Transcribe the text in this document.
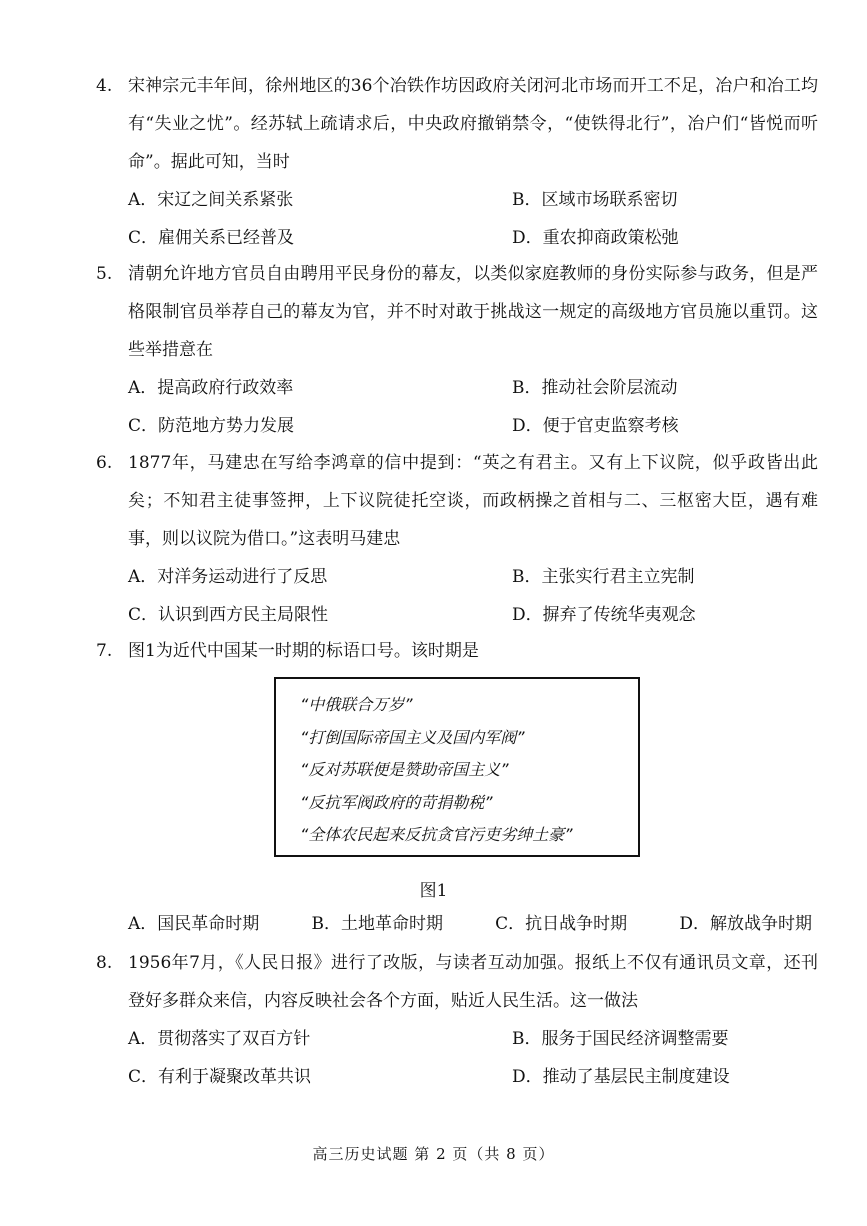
4. 宋神宗元丰年间，徐州地区的36个冶铁作坊因政府关闭河北市场而开工不足，冶户和冶工均有“失业之忧”。经苏轼上疏请求后，中央政府撤销禁令，“使铁得北行”，冶户们“皆悦而听命”。据此可知，当时
A．宋辽之间关系紧张	B．区域市场联系密切
C．雇佣关系已经普及	D．重农抑商政策松弛
5. 清朝允许地方官员自由聘用平民身份的幕友，以类似家庭教师的身份实际参与政务，但是严格限制官员举荐自己的幕友为官，并不时对敢于挑战这一规定的高级地方官员施以重罚。这些举措意在
A．提高政府行政效率	B．推动社会阶层流动
C．防范地方势力发展	D．便于官吏监察考核
6. 1877年，马建忠在写给李鸿章的信中提到：“英之有君主。又有上下议院，似乎政皆出此矣；不知君主徒事签押，上下议院徒托空谈，而政柄操之首相与二、三枢密大臣，遇有难事，则以议院为借口。”这表明马建忠
A．对洋务运动进行了反思	B．主张实行君主立宪制
C．认识到西方民主局限性	D．摒弃了传统华夷观念
7. 图1为近代中国某一时期的标语口号。该时期是
“中俄联合万岁”
“打倒国际帝国主义及国内军阀”
“反对苏联便是赞助帝国主义”
“反抗军阀政府的苛捐勒税”
“全体农民起来反抗贪官污吏劣绅土豪”
图1
A．国民革命时期	B．土地革命时期	C．抗日战争时期	D．解放战争时期
8. 1956年7月，《人民日报》进行了改版，与读者互动加强。报纸上不仅有通讯员文章，还刊登好多群众来信，内容反映社会各个方面，贴近人民生活。这一做法
A．贯彻落实了双百方针	B．服务于国民经济调整需要
C．有利于凝聚改革共识	D．推动了基层民主制度建设
高三历史试题 第 2 页（共 8 页）
